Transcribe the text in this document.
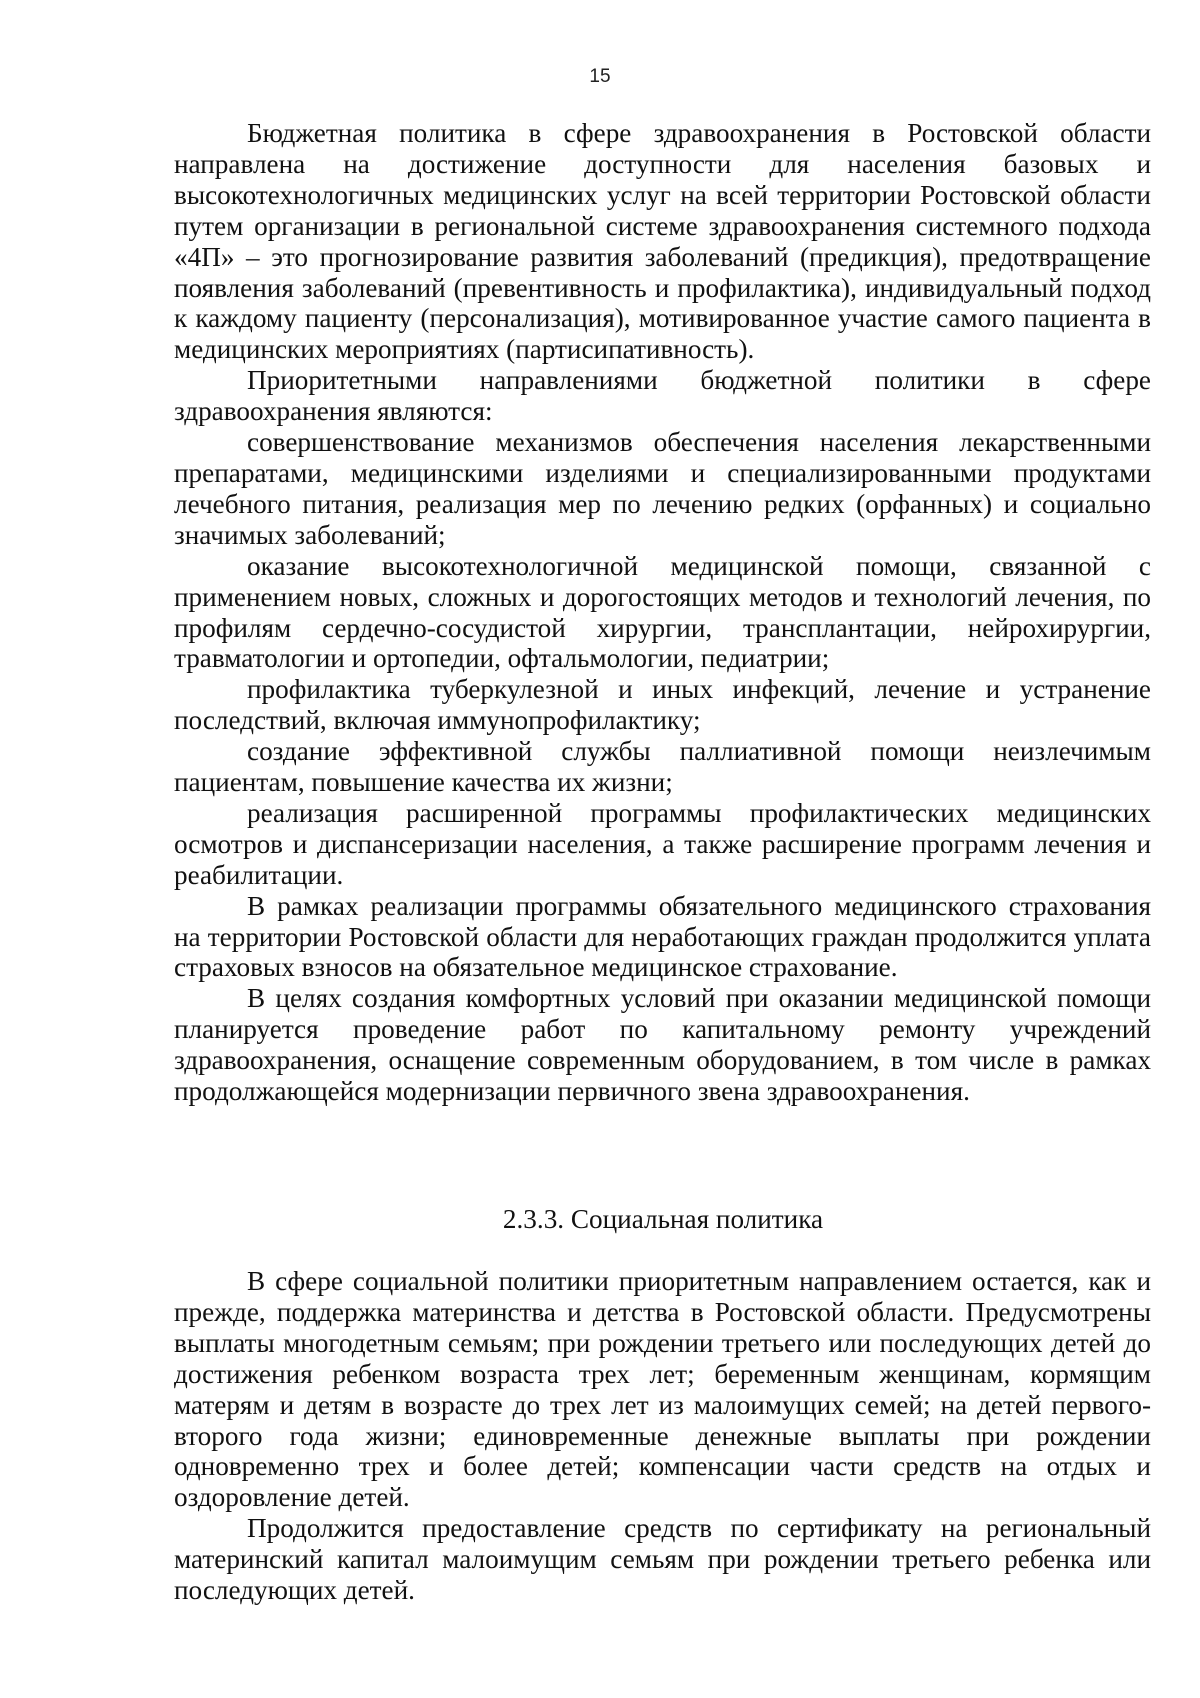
15

Бюджетная политика в сфере здравоохранения в Ростовской области направлена на достижение доступности для населения базовых и высокотехнологичных медицинских услуг на всей территории Ростовской области путем организации в региональной системе здравоохранения системного подхода «4П» – это прогнозирование развития заболеваний (предикция), предотвращение появления заболеваний (превентивность и профилактика), индивидуальный подход к каждому пациенту (персонализация), мотивированное участие самого пациента в медицинских мероприятиях (партисипативность).

Приоритетными направлениями бюджетной политики в сфере здравоохранения являются:

совершенствование механизмов обеспечения населения лекарственными препаратами, медицинскими изделиями и специализированными продуктами лечебного питания, реализация мер по лечению редких (орфанных) и социально значимых заболеваний;

оказание высокотехнологичной медицинской помощи, связанной с применением новых, сложных и дорогостоящих методов и технологий лечения, по профилям сердечно-сосудистой хирургии, трансплантации, нейрохирургии, травматологии и ортопедии, офтальмологии, педиатрии;

профилактика туберкулезной и иных инфекций, лечение и устранение последствий, включая иммунопрофилактику;

создание эффективной службы паллиативной помощи неизлечимым пациентам, повышение качества их жизни;

реализация расширенной программы профилактических медицинских осмотров и диспансеризации населения, а также расширение программ лечения и реабилитации.

В рамках реализации программы обязательного медицинского страхования на территории Ростовской области для неработающих граждан продолжится уплата страховых взносов на обязательное медицинское страхование.

В целях создания комфортных условий при оказании медицинской помощи планируется проведение работ по капитальному ремонту учреждений здравоохранения, оснащение современным оборудованием, в том числе в рамках продолжающейся модернизации первичного звена здравоохранения.

2.3.3. Социальная политика

В сфере социальной политики приоритетным направлением остается, как и прежде, поддержка материнства и детства в Ростовской области. Предусмотрены выплаты многодетным семьям; при рождении третьего или последующих детей до достижения ребенком возраста трех лет; беременным женщинам, кормящим матерям и детям в возрасте до трех лет из малоимущих семей; на детей первого-второго года жизни; единовременные денежные выплаты при рождении одновременно трех и более детей; компенсации части средств на отдых и оздоровление детей.

Продолжится предоставление средств по сертификату на региональный материнский капитал малоимущим семьям при рождении третьего ребенка или последующих детей.
